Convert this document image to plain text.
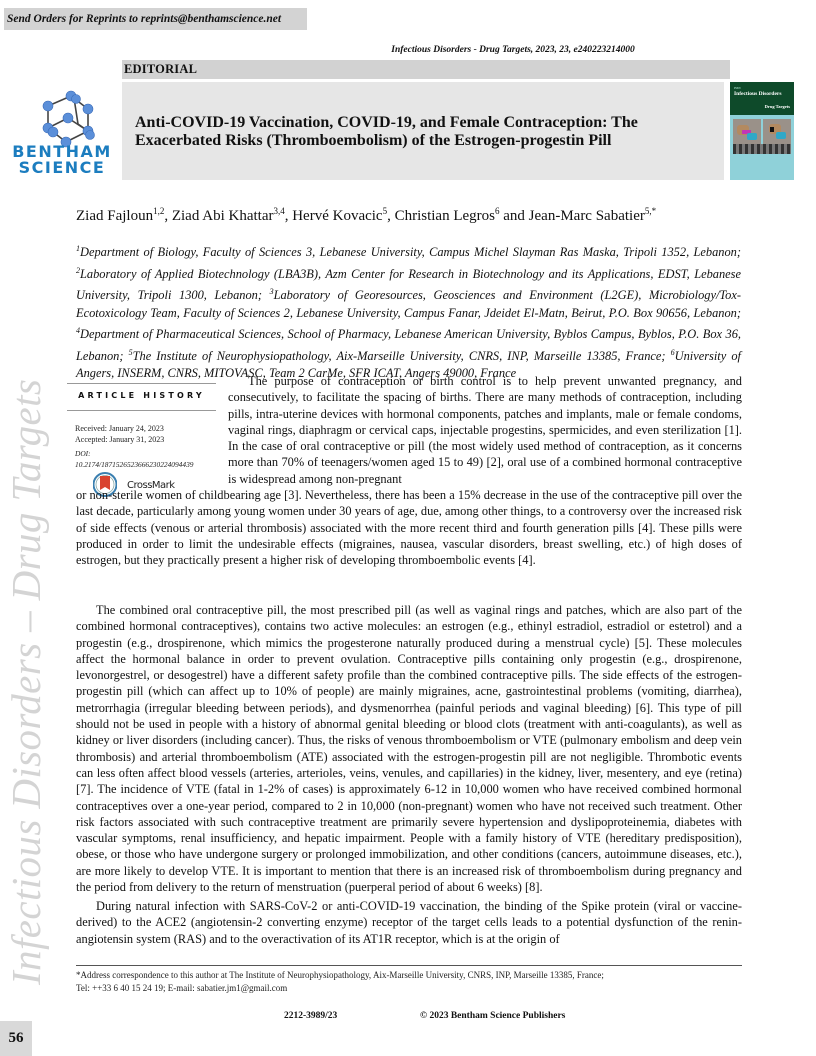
Send Orders for Reprints to reprints@benthamscience.net
Infectious Disorders - Drug Targets, 2023, 23, e240223214000
EDITORIAL
Anti-COVID-19 Vaccination, COVID-19, and Female Contraception: The Exacerbated Risks (Thromboembolism) of the Estrogen-progestin Pill
BENTHAM
SCIENCE
ISSN
Infectious Disorders
Drug Targets
Ziad Fajloun$^{1,2}$, Ziad Abi Khattar$^{3,4}$, Hervé Kovacic$^5$, Christian Legros$^6$ and Jean-Marc Sabatier$^{5,*}$
$^1$Department of Biology, Faculty of Sciences 3, Lebanese University, Campus Michel Slayman Ras Maska, Tripoli 1352, Lebanon; $^2$Laboratory of Applied Biotechnology (LBA3B), Azm Center for Research in Biotechnology and its Applications, EDST, Lebanese University, Tripoli 1300, Lebanon; $^3$Laboratory of Georesources, Geosciences and Environment (L2GE), Microbiology/Tox-Ecotoxicology Team, Faculty of Sciences 2, Lebanese University, Campus Fanar, Jdeidet El-Matn, Beirut, P.O. Box 90656, Lebanon; $^4$Department of Pharmaceutical Sciences, School of Pharmacy, Lebanese American University, Byblos Campus, Byblos, P.O. Box 36, Lebanon; $^5$The Institute of Neurophysiopathology, Aix-Marseille University, CNRS, INP, Marseille 13385, France; $^6$University of Angers, INSERM, CNRS, MITOVASC, Team 2 CarMe, SFR ICAT, Angers 49000, France
ARTICLE HISTORY
Received: January 24, 2023
Accepted: January 31, 2023
DOI:
10.2174/1871526523666230224094439
CrossMark
The purpose of contraception or birth control is to help prevent unwanted pregnancy, and consecutively, to facilitate the spacing of births. There are many methods of contraception, including pills, intra-uterine devices with hormonal components, patches and implants, male or female condoms, vaginal rings, diaphragm or cervical caps, injectable progestins, spermicides, and even sterilization [1]. In the case of oral contraceptive or pill (the most widely used method of contraception, as it concerns more than 70% of teenagers/women aged 15 to 49) [2], oral use of a combined hormonal contraceptive is widespread among non-pregnant
or non-sterile women of childbearing age [3]. Nevertheless, there has been a 15% decrease in the use of the contraceptive pill over the last decade, particularly among young women under 30 years of age, due, among other things, to a controversy over the increased risk of side effects (venous or arterial thrombosis) associated with the more recent third and fourth generation pills [4]. These pills were produced in order to limit the undesirable effects (migraines, nausea, vascular disorders, breast swelling, etc.) of high doses of estrogen, but they practically present a higher risk of developing thromboembolic events [4].
The combined oral contraceptive pill, the most prescribed pill (as well as vaginal rings and patches, which are also part of the combined hormonal contraceptives), contains two active molecules: an estrogen (e.g., ethinyl estradiol, estradiol or estetrol) and a progestin (e.g., drospirenone, which mimics the progesterone naturally produced during a menstrual cycle) [5]. These molecules affect the hormonal balance in order to prevent ovulation. Contraceptive pills containing only progestin (e.g., drospirenone, levonorgestrel, or desogestrel) have a different safety profile than the combined contraceptive pills. The side effects of the estrogen-progestin pill (which can affect up to 10% of people) are mainly migraines, acne, gastrointestinal problems (vomiting, diarrhea), metrorrhagia (irregular bleeding between periods), and dysmenorrhea (painful periods and vaginal bleeding) [6]. This type of pill should not be used in people with a history of abnormal genital bleeding or blood clots (treatment with anti-coagulants), as well as kidney or liver disorders (including cancer). Thus, the risks of venous thromboembolism or VTE (pulmonary embolism and deep vein thrombosis) and arterial thromboembolism (ATE) associated with the estrogen-progestin pill are not negligible. Thrombotic events can less often affect blood vessels (arteries, arterioles, veins, venules, and capillaries) in the kidney, liver, mesentery, and eye (retina) [7]. The incidence of VTE (fatal in 1-2% of cases) is approximately 6-12 in 10,000 women who have received combined hormonal contraceptives over a one-year period, compared to 2 in 10,000 (non-pregnant) women who have not received such treatment. Other risk factors associated with such contraceptive treatment are primarily severe hypertension and dyslipoproteinemia, diabetes with vascular symptoms, renal insufficiency, and hepatic impairment. People with a family history of VTE (hereditary predisposition), obese, or those who have undergone surgery or prolonged immobilization, and other conditions (cancers, autoimmune diseases, etc.), are more likely to develop VTE. It is important to mention that there is an increased risk of thromboembolism during pregnancy and the period from delivery to the return of menstruation (puerperal period of about 6 weeks) [8].
During natural infection with SARS-CoV-2 or anti-COVID-19 vaccination, the binding of the Spike protein (viral or vaccine-derived) to the ACE2 (angiotensin-2 converting enzyme) receptor of the target cells leads to a potential dysfunction of the renin-angiotensin system (RAS) and to the overactivation of its AT1R receptor, which is at the origin of
Infectious Disorders – Drug Targets	*Address correspondence to this author at The Institute of Neurophysiopathology, Aix-Marseille University, CNRS, INP, Marseille 13385, France;
Tel: ++33 6 40 15 24 19; E-mail: sabatier.jm1@gmail.com
2212-3989/23	© 2023 Bentham Science Publishers
56
